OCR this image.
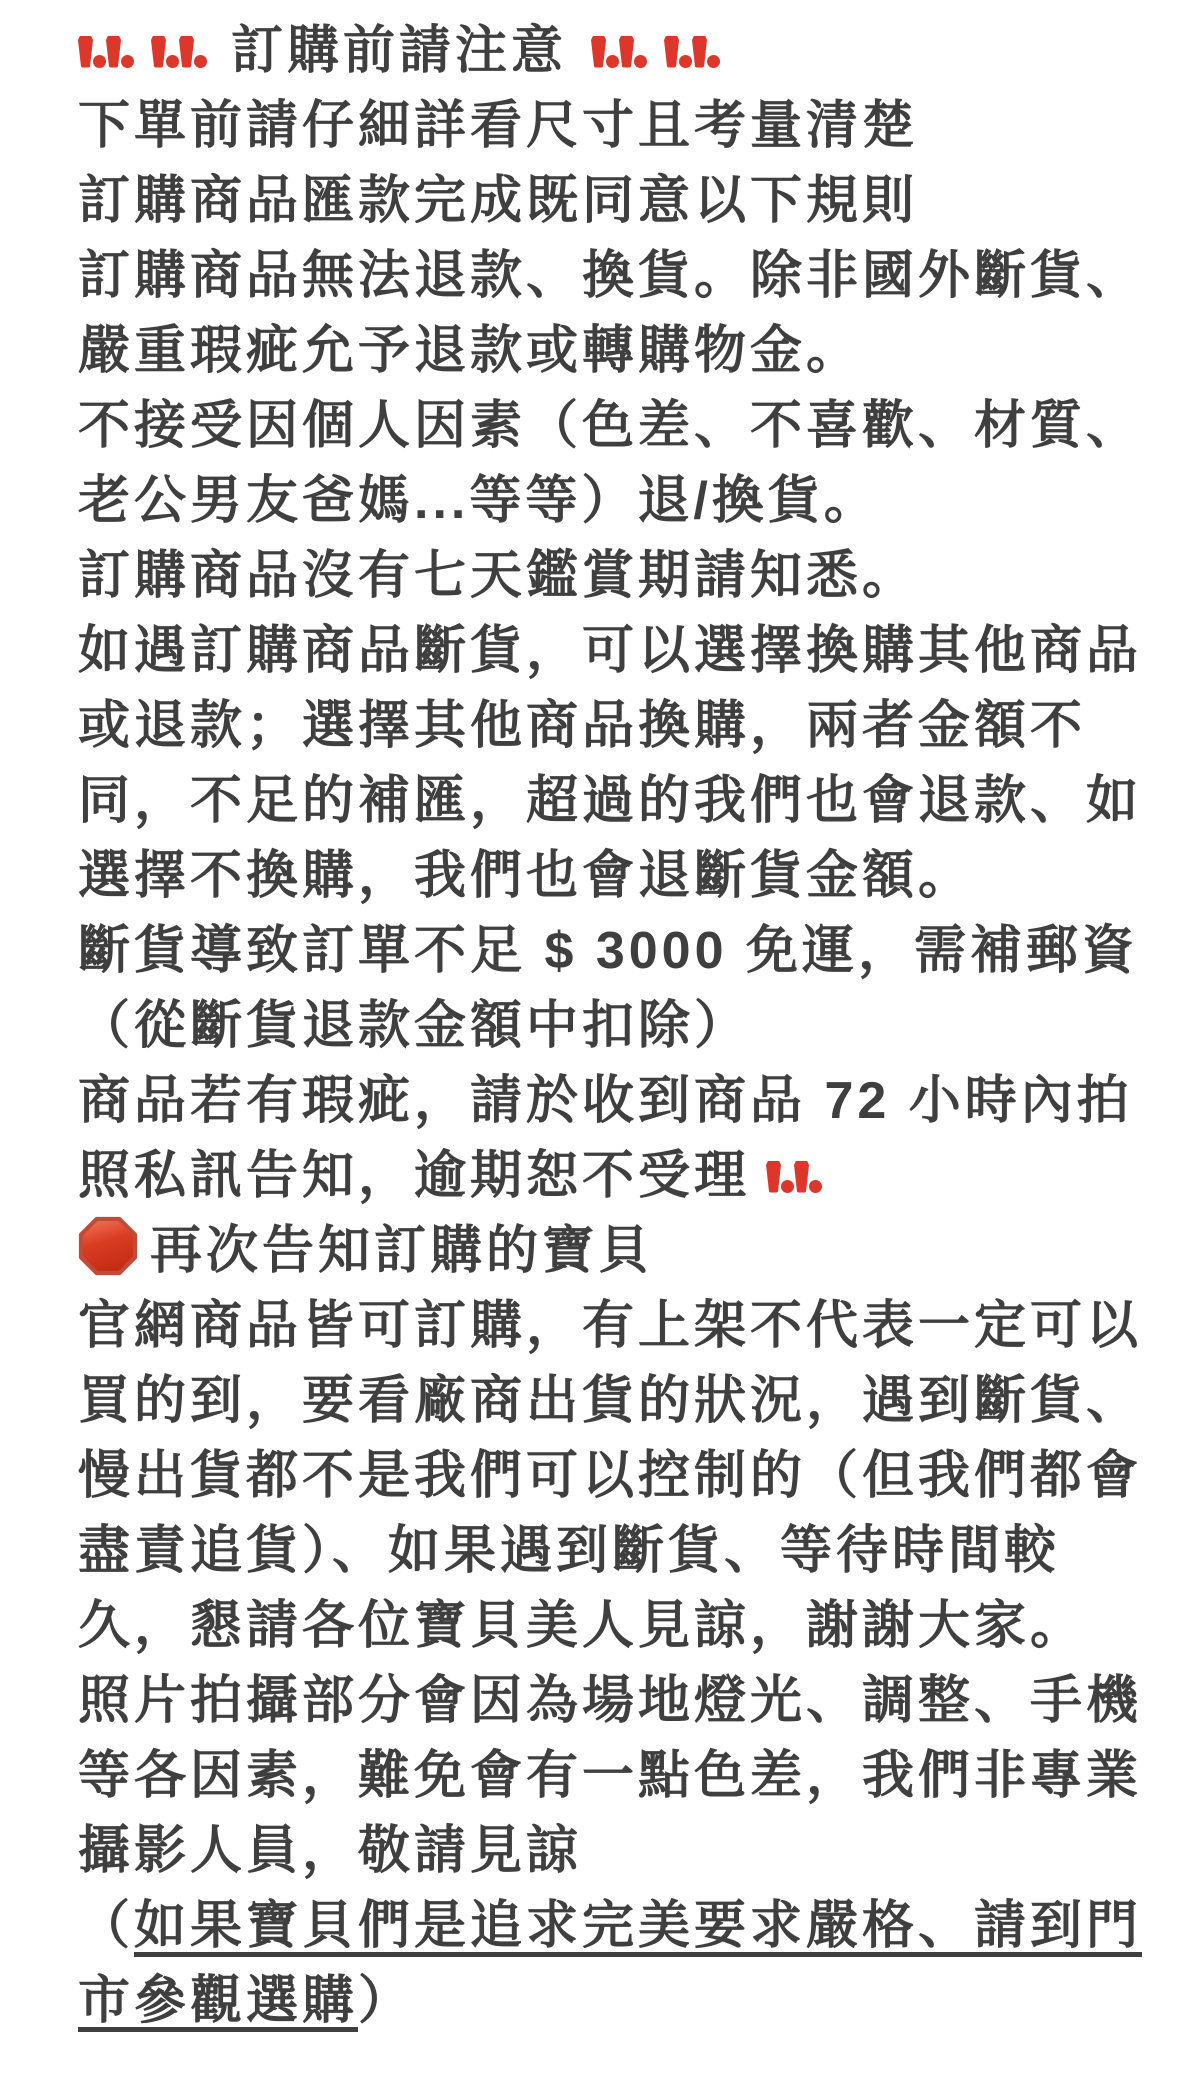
訂購前請注意
下單前請仔細詳看尺寸且考量清楚
訂購商品匯款完成既同意以下規則
訂購商品無法退款、換貨。除非國外斷貨、
嚴重瑕疵允予退款或轉購物金。
不接受因個人因素（色差、不喜歡、材質、
老公男友爸媽...等等）退/換貨。
訂購商品沒有七天鑑賞期請知悉。
如遇訂購商品斷貨，可以選擇換購其他商品
或退款；選擇其他商品換購，兩者金額不
同，不足的補匯，超過的我們也會退款、如
選擇不換購，我們也會退斷貨金額。
斷貨導致訂單不足 $ 3000 免運，需補郵資
（從斷貨退款金額中扣除）
商品若有瑕疵，請於收到商品 72 小時內拍
照私訊告知，逾期恕不受理
再次告知訂購的寶貝
官網商品皆可訂購，有上架不代表一定可以
買的到，要看廠商出貨的狀況，遇到斷貨、
慢出貨都不是我們可以控制的（但我們都會
盡責追貨）、如果遇到斷貨、等待時間較
久，懇請各位寶貝美人見諒，謝謝大家。
照片拍攝部分會因為場地燈光、調整、手機
等各因素，難免會有一點色差，我們非專業
攝影人員，敬請見諒
（ 如果寶貝們是追求完美要求嚴格、請到門
市參觀選購 ）
